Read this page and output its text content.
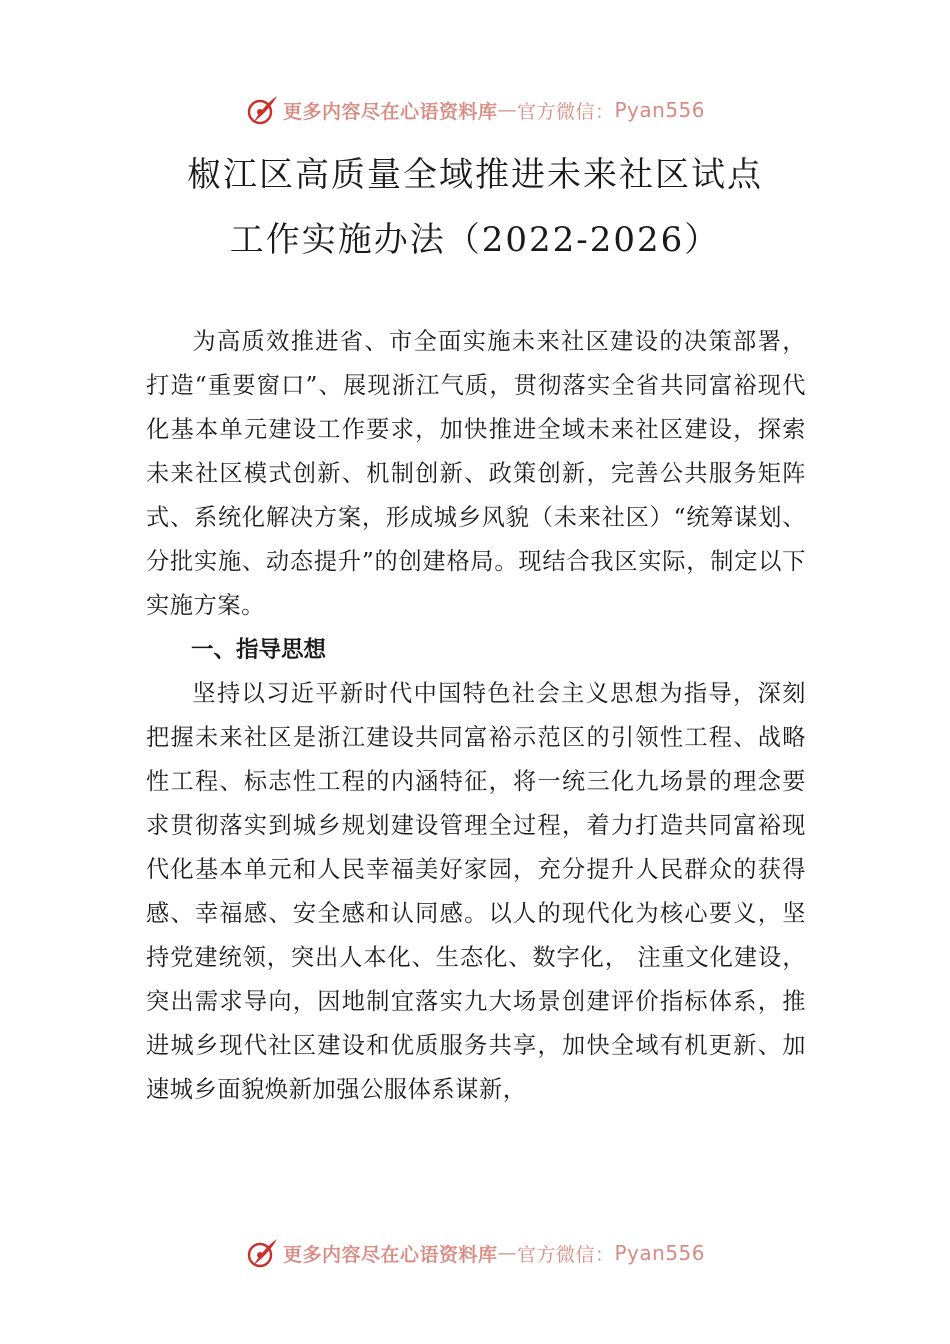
更多内容尽在心语资料库 — 官方微信： Pyan556
椒江区高质量全域推进未来社区试点
工作实施办法（2022-2026）

为高质效推进省、市全面实施未来社区建设的决策部署，打造“重要窗口”、展现浙江气质，贯彻落实全省共同富裕现代化基本单元建设工作要求，加快推进全域未来社区建设，探索未来社区模式创新、机制创新、政策创新，完善公共服务矩阵式、系统化解决方案，形成城乡风貌（未来社区）“统筹谋划、分批实施、动态提升”的创建格局。现结合我区实际，制定以下实施方案。

一、指导思想

坚持以习近平新时代中国特色社会主义思想为指导，深刻把握未来社区是浙江建设共同富裕示范区的引领性工程、战略性工程、标志性工程的内涵特征，将一统三化九场景的理念要求贯彻落实到城乡规划建设管理全过程，着力打造共同富裕现代化基本单元和人民幸福美好家园，充分提升人民群众的获得感、幸福感、安全感和认同感。以人的现代化为核心要义，坚持党建统领，突出人本化、生态化、数字化， 注重文化建设，突出需求导向，因地制宜落实九大场景创建评价指标体系，推进城乡现代社区建设和优质服务共享，加快全域有机更新、加速城乡面貌焕新加强公服体系谋新，

更多内容尽在心语资料库 — 官方微信： Pyan556
